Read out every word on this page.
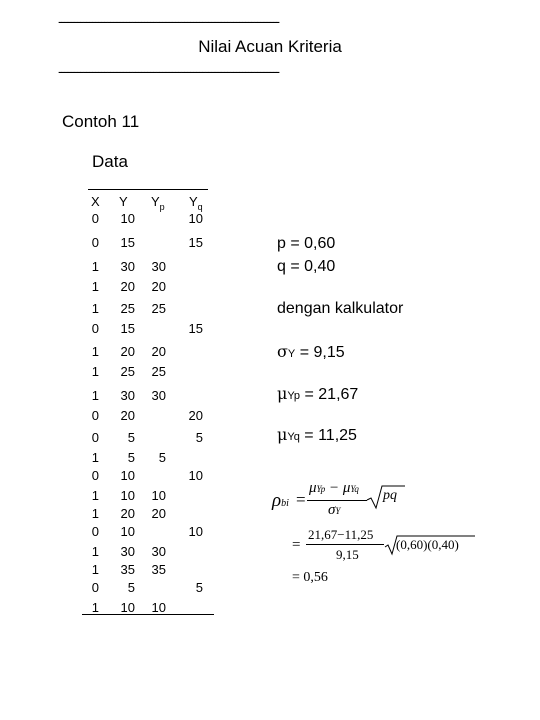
------------------------------------------------------------------------
Nilai Acuan Kriteria
------------------------------------------------------------------------
Contoh 11
Data
X Y $Y_p$ $Y_q$
0 10	10
0 15	15
1 30 30
1 20 20
1 25 25
0 15	15
1 20 20
1 25 25
1 30 30
0 20	20
0 5	5
1 5 5
0 10	10
1 10 10
1 20 20
0 10	10
1 30 30
1 35 35
0 5	5
1 10 10
p = 0,60
q = 0,40
dengan kalkulator
σY = 9,15
μYp = 21,67
μYq = 11,25
ρbi =
μYp − μYq
σY
pq
=
21,67−11,25
9,15
(0,60)(0,40)
= 0,56
